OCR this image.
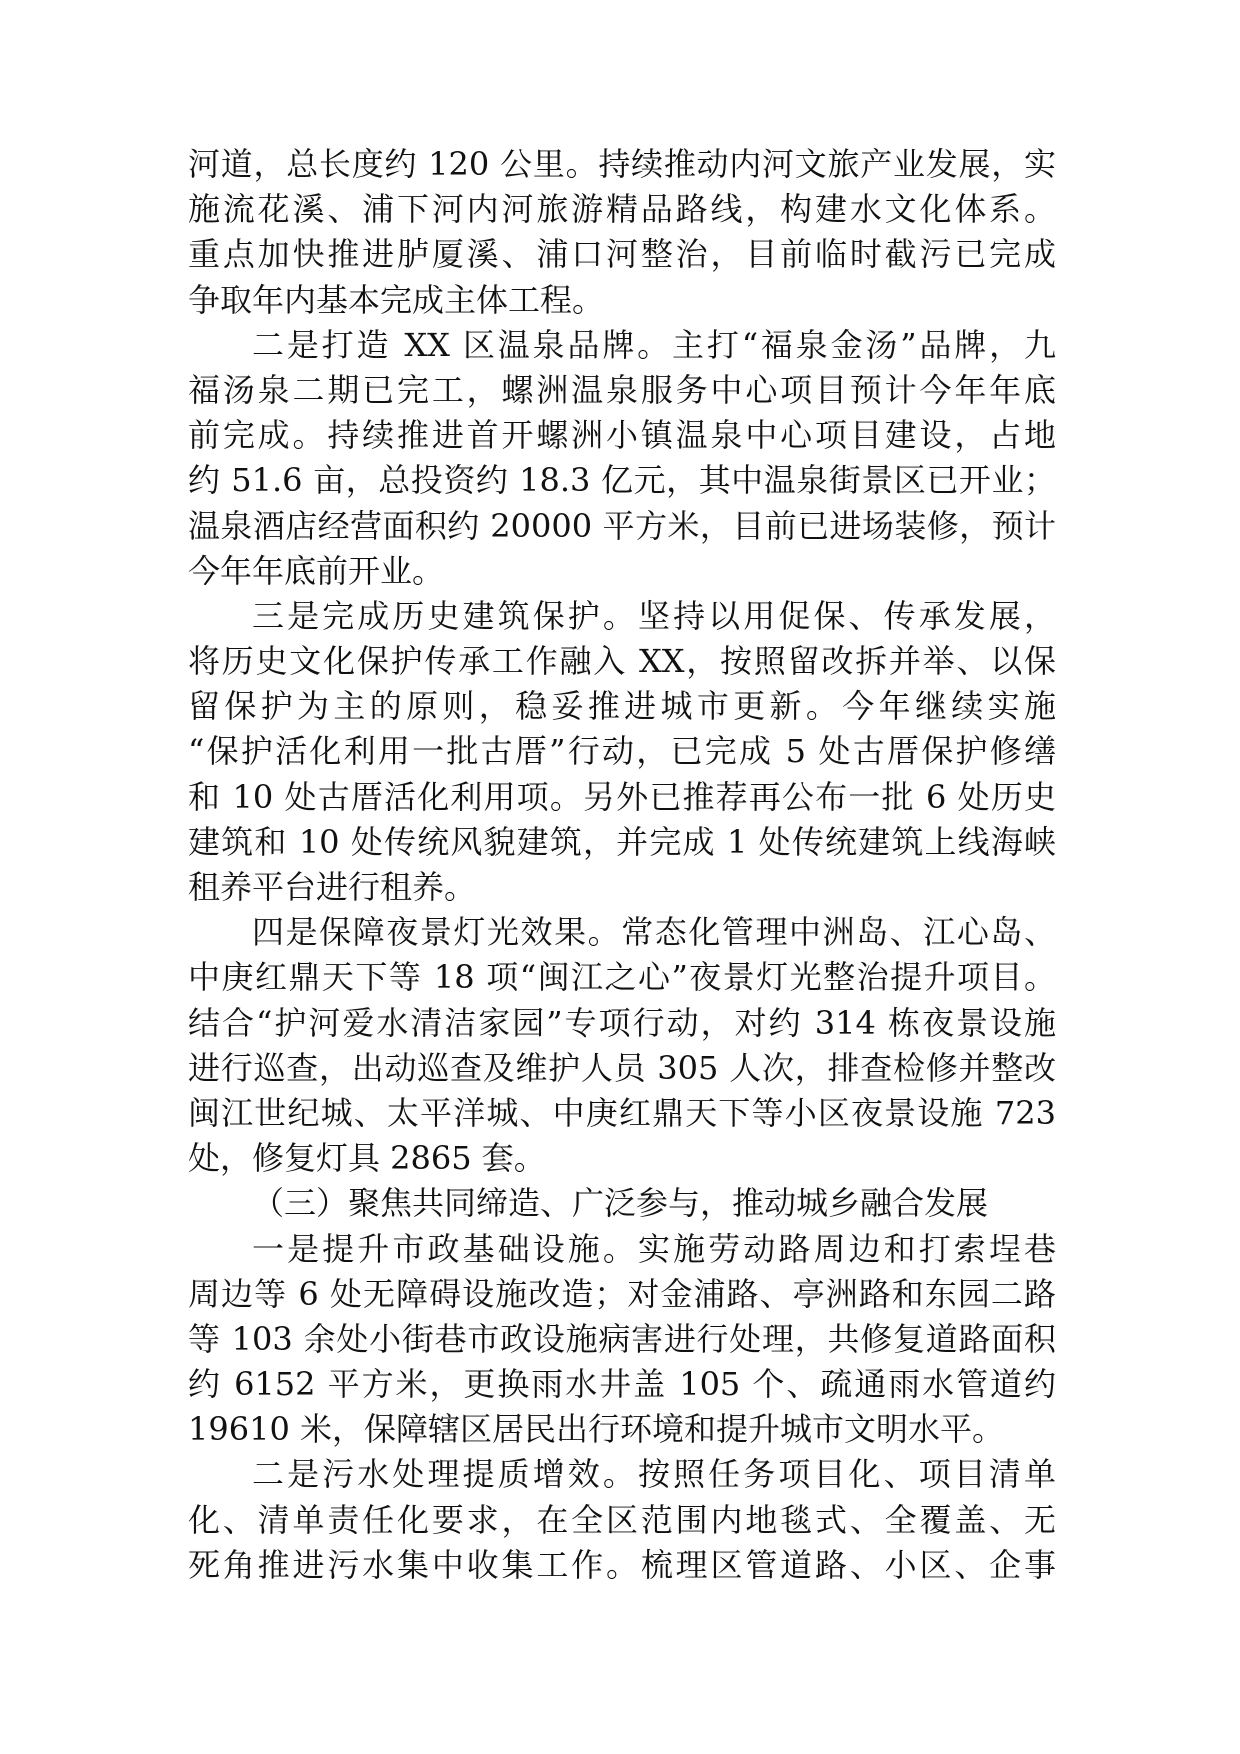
河道，总长度约 120 公里。持续推动内河文旅产业发展，实
施流花溪、浦下河内河旅游精品路线，构建水文化体系。
重点加快推进胪厦溪、浦口河整治，目前临时截污已完成
争取年内基本完成主体工程。
二是打造 XX 区温泉品牌。主打“福泉金汤”品牌，九
福汤泉二期已完工，螺洲温泉服务中心项目预计今年年底
前完成。持续推进首开螺洲小镇温泉中心项目建设，占地
约 51.6 亩，总投资约 18.3 亿元，其中温泉街景区已开业；
温泉酒店经营面积约 20000 平方米，目前已进场装修，预计
今年年底前开业。
三是完成历史建筑保护。坚持以用促保、传承发展，
将历史文化保护传承工作融入 XX，按照留改拆并举、以保
留保护为主的原则，稳妥推进城市更新。今年继续实施
“保护活化利用一批古厝”行动，已完成 5 处古厝保护修缮
和 10 处古厝活化利用项。另外已推荐再公布一批 6 处历史
建筑和 10 处传统风貌建筑，并完成 1 处传统建筑上线海峡
租养平台进行租养。
四是保障夜景灯光效果。常态化管理中洲岛、江心岛、
中庚红鼎天下等 18 项“闽江之心”夜景灯光整治提升项目。
结合“护河爱水清洁家园”专项行动，对约 314 栋夜景设施
进行巡查，出动巡查及维护人员 305 人次，排查检修并整改
闽江世纪城、太平洋城、中庚红鼎天下等小区夜景设施 723
处，修复灯具 2865 套。
（三）聚焦共同缔造、广泛参与，推动城乡融合发展
一是提升市政基础设施。实施劳动路周边和打索埕巷
周边等 6 处无障碍设施改造；对金浦路、亭洲路和东园二路
等 103 余处小街巷市政设施病害进行处理，共修复道路面积
约 6152 平方米，更换雨水井盖 105 个、疏通雨水管道约
19610 米，保障辖区居民出行环境和提升城市文明水平。
二是污水处理提质增效。按照任务项目化、项目清单
化、清单责任化要求，在全区范围内地毯式、全覆盖、无
死角推进污水集中收集工作。梳理区管道路、小区、企事
